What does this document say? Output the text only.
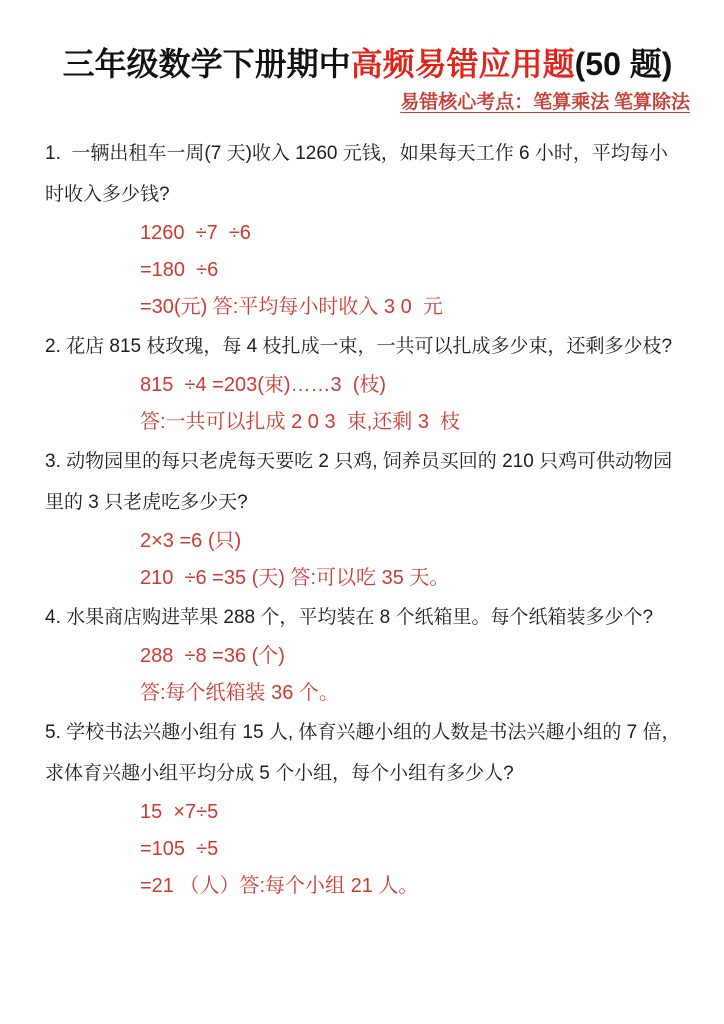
三年级数学下册期中高频易错应用题(50 题)
易错核心考点：笔算乘法 笔算除法

1.  一辆出租车一周(7 天)收入 1260 元钱，如果每天工作 6 小时，平均每小

时收入多少钱?

1260  ÷7  ÷6

=180  ÷6

=30(元) 答:平均每小时收入 3 0  元

2. 花店 815 枝玫瑰，每 4 枝扎成一束，一共可以扎成多少束，还剩多少枝?

815  ÷4 =203(束)……3  (枝)

答:一共可以扎成 2 0 3  束,还剩 3  枝

3. 动物园里的每只老虎每天要吃 2 只鸡, 饲养员买回的 210 只鸡可供动物园

里的 3 只老虎吃多少天?

2×3 =6 (只)

210  ÷6 =35 (天) 答:可以吃 35 天。

4. 水果商店购进苹果 288 个，平均装在 8 个纸箱里。每个纸箱装多少个?

288  ÷8 =36 (个)

答:每个纸箱装 36 个。

5. 学校书法兴趣小组有 15 人, 体育兴趣小组的人数是书法兴趣小组的 7 倍，

求体育兴趣小组平均分成 5 个小组，每个小组有多少人?

15  ×7÷5

=105  ÷5

=21 （人）答:每个小组 21 人。
